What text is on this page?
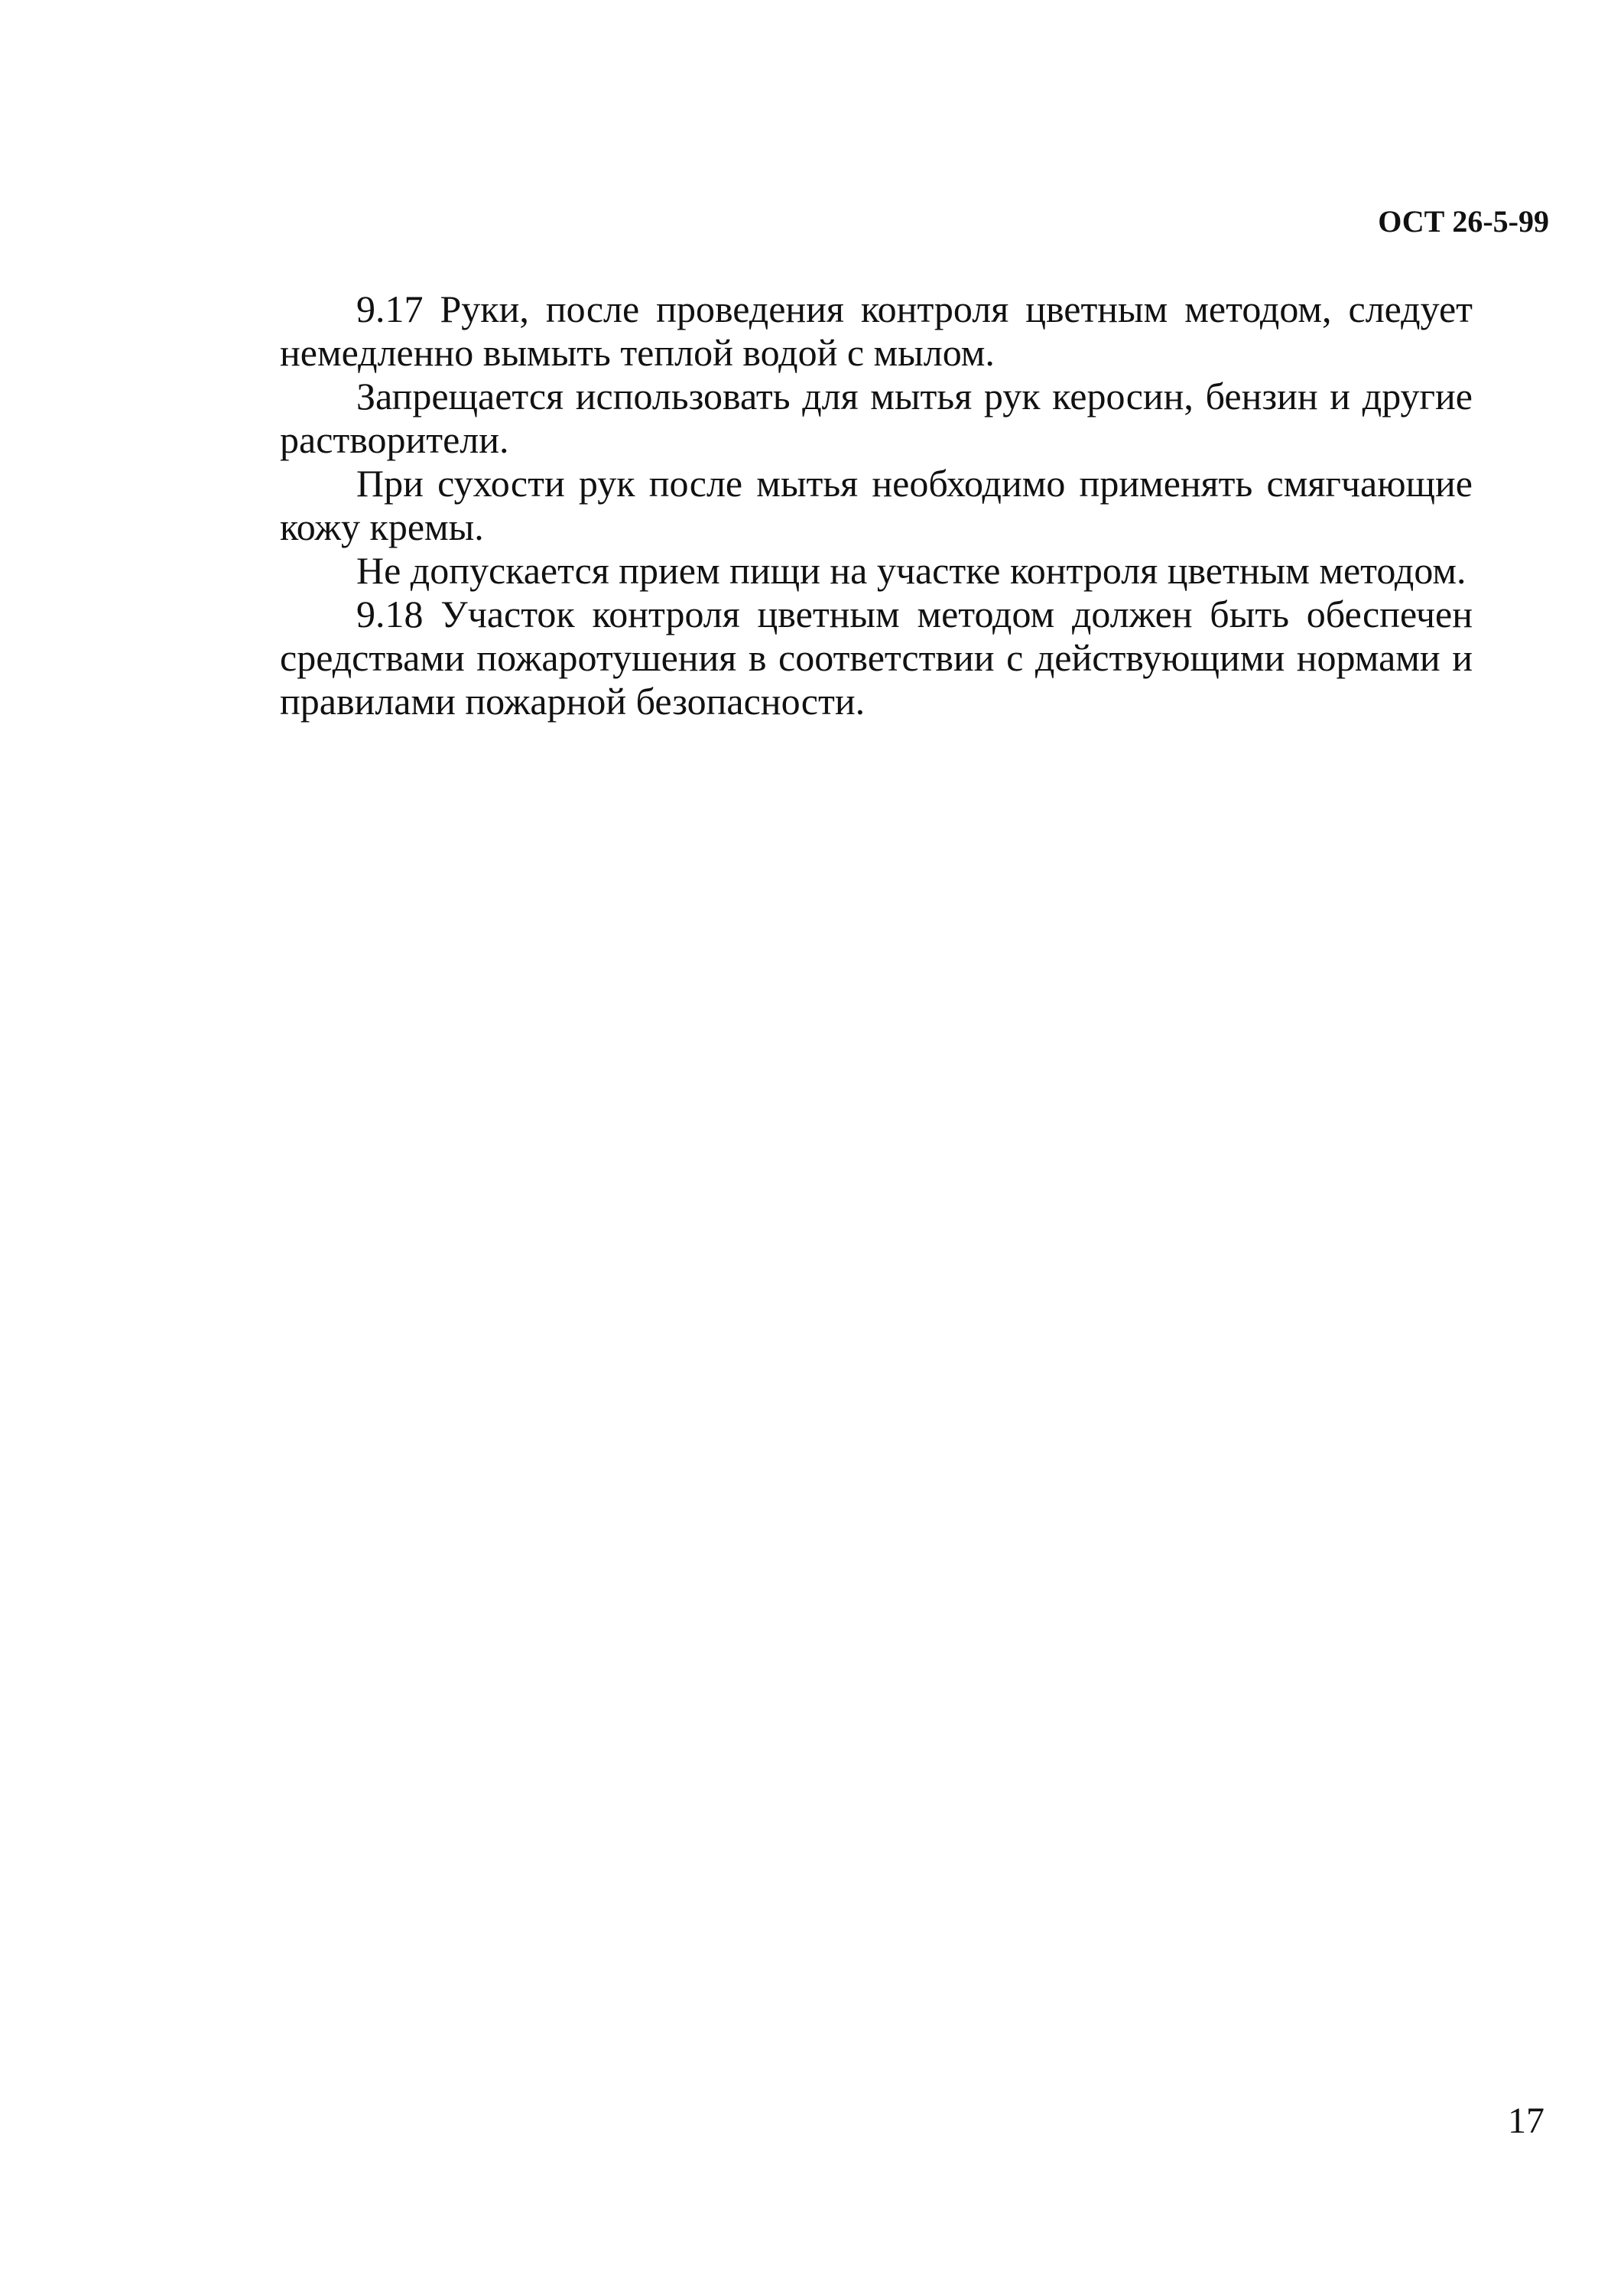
ОСТ 26-5-99

9.17 Руки, после проведения контроля цветным методом, следует немедленно вымыть теплой водой с мылом.

Запрещается использовать для мытья рук керосин, бензин и другие растворители.

При сухости рук после мытья необходимо применять смягчающие кожу кремы.

Не допускается прием пищи на участке контроля цветным методом.

9.18 Участок контроля цветным методом должен быть обеспечен средствами пожаротушения в соответствии с действующими нормами и правилами пожарной безопасности.

17
